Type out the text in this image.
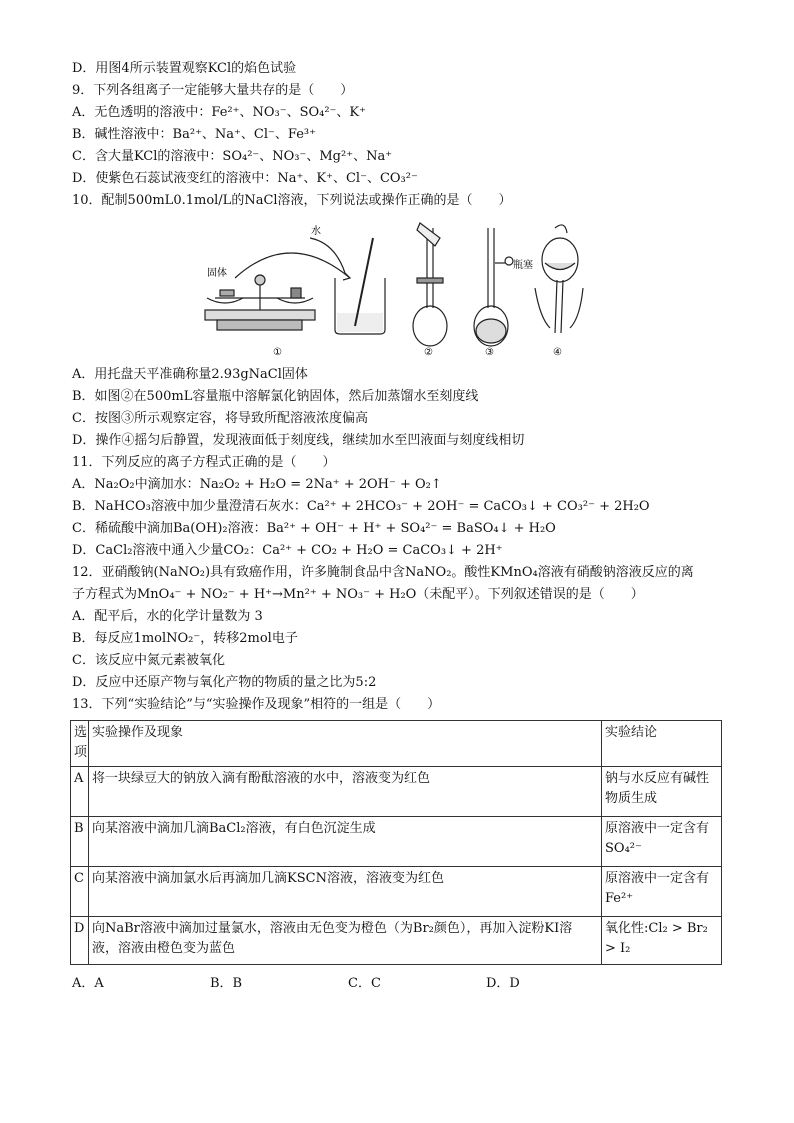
D．用图4所示装置观察KCl的焰色试验
9．下列各组离子一定能够大量共存的是（　　）
A．无色透明的溶液中：Fe²⁺、NO₃⁻、SO₄²⁻、K⁺
B．碱性溶液中：Ba²⁺、Na⁺、Cl⁻、Fe³⁺
C．含大量KCl的溶液中：SO₄²⁻、NO₃⁻、Mg²⁺、Na⁺
D．使紫色石蕊试液变红的溶液中：Na⁺、K⁺、Cl⁻、CO₃²⁻
10．配制500mL0.1mol/L的NaCl溶液，下列说法或操作正确的是（　　）
固体
水
瓶塞
①	②	③	④
A．用托盘天平准确称量2.93gNaCl固体
B．如图②在500mL容量瓶中溶解氯化钠固体，然后加蒸馏水至刻度线
C．按图③所示观察定容，将导致所配溶液浓度偏高
D．操作④摇匀后静置，发现液面低于刻度线，继续加水至凹液面与刻度线相切
11．下列反应的离子方程式正确的是（　　）
A．Na₂O₂中滴加水：Na₂O₂ + H₂O = 2Na⁺ + 2OH⁻ + O₂↑
B．NaHCO₃溶液中加少量澄清石灰水：Ca²⁺ + 2HCO₃⁻ + 2OH⁻ = CaCO₃↓ + CO₃²⁻ + 2H₂O
C．稀硫酸中滴加Ba(OH)₂溶液：Ba²⁺ + OH⁻ + H⁺ + SO₄²⁻ = BaSO₄↓ + H₂O
D．CaCl₂溶液中通入少量CO₂：Ca²⁺ + CO₂ + H₂O = CaCO₃↓ + 2H⁺
12．亚硝酸钠(NaNO₂)具有致癌作用，许多腌制食品中含NaNO₂。酸性KMnO₄溶液有硝酸钠溶液反应的离
子方程式为MnO₄⁻ + NO₂⁻ + H⁺→Mn²⁺ + NO₃⁻ + H₂O（未配平）。下列叙述错误的是（　　）
A．配平后，水的化学计量数为 3
B．每反应1molNO₂⁻，转移2mol电子
C．该反应中氮元素被氧化
D．反应中还原产物与氧化产物的物质的量之比为5:2
13．下列“实验结论”与“实验操作及现象”相符的一组是（　　）
选项	实验操作及现象	实验结论
A	将一块绿豆大的钠放入滴有酚酞溶液的水中，溶液变为红色	钠与水反应有碱性物质生成
B	向某溶液中滴加几滴BaCl₂溶液，有白色沉淀生成	原溶液中一定含有SO₄²⁻
C	向某溶液中滴加氯水后再滴加几滴KSCN溶液，溶液变为红色	原溶液中一定含有Fe²⁺
D	向NaBr溶液中滴加过量氯水，溶液由无色变为橙色（为Br₂颜色），再加入淀粉KI溶液，溶液由橙色变为蓝色	氧化性:Cl₂ > Br₂ > I₂
A．A	B．B	C．C	D．D
